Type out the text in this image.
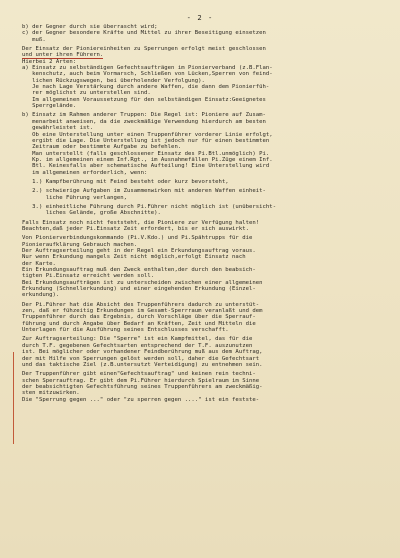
- 2 -
b) der Gegner durch sie überrascht wird;
c) der Gegner besondere Kräfte und Mittel zu ihrer Beseitigung einsetzen
muß.
Der Einsatz der Pioniereinheiten zu Sperrungen erfolgt meist geschlossen
und unter ihren Führern.
Hierbei 2 Arten:
a) Einsatz zu selbständigen Gefechtsaufträgen im Pionierverband (z.B.Flan-
kenschutz, auch beim Vormarsch, Schließen von Lücken,Sperren von feind-
lichen Rückzugswegen, bei überholender Verfolgung).
Je nach Lage Verstärkung durch andere Waffen, die dann dem Pionierfüh-
rer möglichst zu unterstellen sind.
Im allgemeinen Voraussetzung für den selbständigen Einsatz:Geeignetes
Sperrgelände.
b) Einsatz im Rahmen anderer Truppen: Die Regel ist: Pioniere auf Zusam-
menarbeit anweisen, da die zweckmäßige Verwendung hierdurch am besten
gewährleistet ist.
Ob eine Unterstellung unter einen Truppenführer vorderer Linie erfolgt,
ergibt die Lage. Die Unterstellung ist jedoch nur für einen bestimmten
Zeitraum oder bestimmte Aufgabe zu befehlen.
Man unterstellt (falls geschlossener Einsatz des Pi.Btl.unmöglich) Pi.
Kp. im allgemeinen einem Inf.Rgt., im Ausnahmefällen Pi.Züge einem Inf.
Btl. Keinesfalls aber schematische Aufteilung! Eine Unterstellung wird
im allgemeinen erforderlich, wenn:
1.) Kampfberührung mit Feind besteht oder kurz bevorsteht,
2.) schwierige Aufgaben im Zusammenwirken mit anderen Waffen einheit-
liche Führung verlangen,
3.) einheitliche Führung durch Pi.Führer nicht möglich ist (unübersicht-
liches Gelände, große Abschnitte).
Falls Einsatz noch nicht feststeht, die Pioniere zur Verfügung halten!
Beachten,daß jeder Pi.Einsatz Zeit erfordert, bis er sich auswirkt.
Von Pionierverbindungskommando (Pi.V.Kdo.) und Pi.Spähtrupps für die
Pionieraufklärung Gebrauch machen.
Der Auftragserteilung geht in der Regel ein Erkundungsauftrag voraus.
Nur wenn Erkundung mangels Zeit nicht möglich,erfolgt Einsatz nach
der Karte.
Ein Erkundungsauftrag muß den Zweck enthalten,der durch den beabsich-
tigten Pi.Einsatz erreicht werden soll.
Bei Erkundungsaufträgen ist zu unterscheiden zwischen einer allgemeinen
Erkundung (Schnellerkundung) und einer eingehenden Erkundung (Einzel-
erkundung).
Der Pi.Führer hat die Absicht des Truppenführers dadurch zu unterstüt-
zen, daß er fühzeitig Erkundungen im Gesamt-Sperrraum veranlaßt und dem
Truppenführer durch das Ergebnis, durch Vorschläge über die Sperrauf-
führung und durch Angabe über Bedarf an Kräften, Zeit und Mitteln die
Unterlagen für die Ausführung seines Entschlusses verschafft.
Zur Auftragserteilung: Die "Sperre" ist ein Kampfmittel, das für die
durch T.F. gegebenen Gefechtsarten entsprechend der T.F. auszunutzen
ist. Bei möglicher oder vorhandener Feindberührung muß aus dem Auftrag,
der mit Hilfe von Sperrungen gelöst werden soll, daher die Gefechtsart
und das taktische Ziel (z.B.untersutzt Verteidigung) zu entnehmen sein.
Der Truppenführer gibt einen"Gefechtsauftrag" und keinen rein techni-
schen Sperrauftrag. Er gibt dem Pi.Führer hierdurch Spielraum im Sinne
der beabsichtigten Gefechtsführung seines Truppenführers am zweckmäßig-
sten mitzuwirken.
Die "Sperrung gegen ..." oder "zu sperren gegen ...." ist ein festste-
